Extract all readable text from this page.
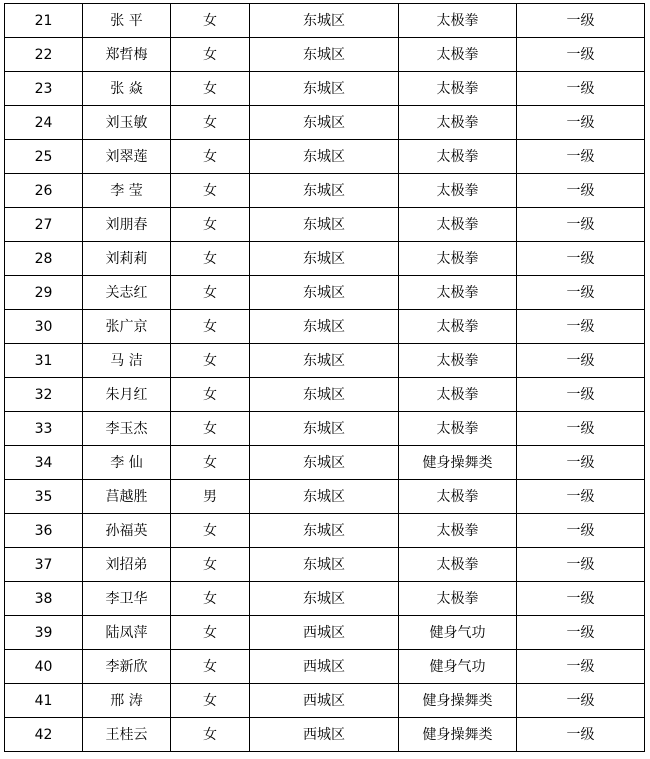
21	张 平	女	东城区	太极拳	一级
22	郑哲梅	女	东城区	太极拳	一级
23	张 焱	女	东城区	太极拳	一级
24	刘玉敏	女	东城区	太极拳	一级
25	刘翠莲	女	东城区	太极拳	一级
26	李 莹	女	东城区	太极拳	一级
27	刘朋春	女	东城区	太极拳	一级
28	刘莉莉	女	东城区	太极拳	一级
29	关志红	女	东城区	太极拳	一级
30	张广京	女	东城区	太极拳	一级
31	马 洁	女	东城区	太极拳	一级
32	朱月红	女	东城区	太极拳	一级
33	李玉杰	女	东城区	太极拳	一级
34	李 仙	女	东城区	健身操舞类	一级
35	莒越胜	男	东城区	太极拳	一级
36	孙福英	女	东城区	太极拳	一级
37	刘招弟	女	东城区	太极拳	一级
38	李卫华	女	东城区	太极拳	一级
39	陆凤萍	女	西城区	健身气功	一级
40	李新欣	女	西城区	健身气功	一级
41	邢 涛	女	西城区	健身操舞类	一级
42	王桂云	女	西城区	健身操舞类	一级
